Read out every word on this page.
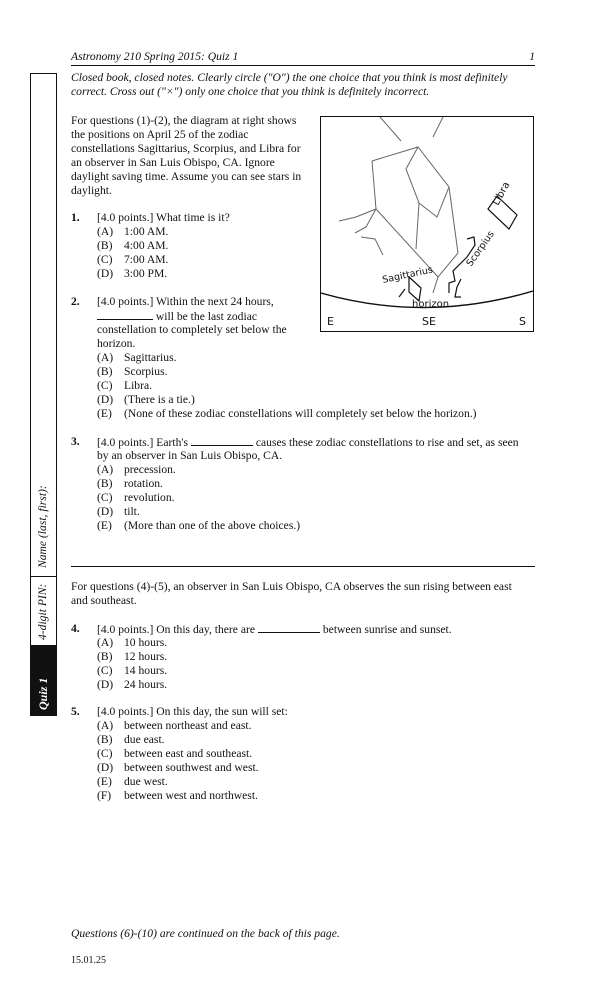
Astronomy 210 Spring 2015: Quiz 1	1
Name (last, first):
4-digit PIN:
Quiz 1
Closed book, closed notes. Clearly circle ("O") the one choice that you think is most definitely
correct. Cross out ("×") only one choice that you think is definitely incorrect.
For questions (1)-(2), the diagram at right shows
the positions on April 25 of the zodiac
constellations Sagittarius, Scorpius, and Libra for
an observer in San Luis Obispo, CA. Ignore
daylight saving time. Assume you can see stars in
daylight.	Libra
Scorpius
Sagittarius
horizon
E	SE	S
1. [4.0 points.] What time is it?
(A) 1:00 AM.
(B) 4:00 AM.
(C) 7:00 AM.
(D) 3:00 PM.
2. [4.0 points.] Within the next 24 hours,
will be the last zodiac
constellation to completely set below the
horizon.
(A) Sagittarius.
(B) Scorpius.
(C) Libra.
(D) (There is a tie.)
(E) (None of these zodiac constellations will completely set below the horizon.)
3. [4.0 points.] Earth's	causes these zodiac constellations to rise and set, as seen
by an observer in San Luis Obispo, CA.
(A) precession.
(B) rotation.
(C) revolution.
(D) tilt.
(E) (More than one of the above choices.)
For questions (4)-(5), an observer in San Luis Obispo, CA observes the sun rising between east
and southeast.
4. [4.0 points.] On this day, there are	between sunrise and sunset.
(A) 10 hours.
(B) 12 hours.
(C) 14 hours.
(D) 24 hours.
5. [4.0 points.] On this day, the sun will set:
(A) between northeast and east.
(B) due east.
(C) between east and southeast.
(D) between southwest and west.
(E) due west.
(F) between west and northwest.
Questions (6)-(10) are continued on the back of this page.
15.01.25
